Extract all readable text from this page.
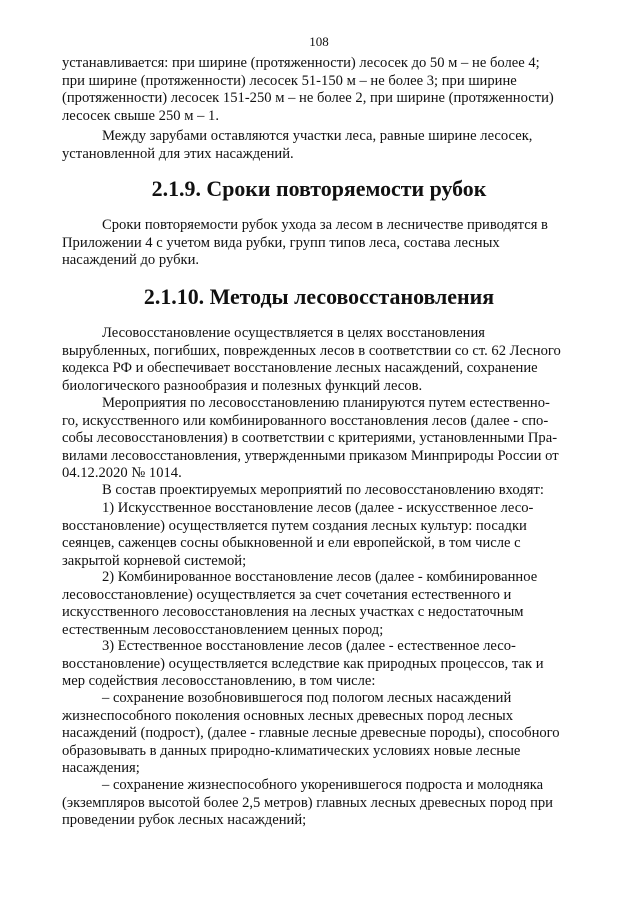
108

устанавливается: при ширине (протяженности) лесосек до 50 м – не более 4;
при ширине (протяженности) лесосек 51-150 м – не более 3; при ширине
(протяженности) лесосек 151-250 м – не более 2, при ширине (протяженности)
лесосек свыше 250 м – 1.

Между зарубами оставляются участки леса, равные ширине лесосек,
установленной для этих насаждений.

2.1.9. Сроки повторяемости рубок

Сроки повторяемости рубок ухода за лесом в лесничестве приводятся в
Приложении 4 с учетом вида рубки, групп типов леса, состава лесных
насаждений до рубки.

2.1.10. Методы лесовосстановления

Лесовосстановление осуществляется в целях восстановления
вырубленных, погибших, поврежденных лесов в соответствии со ст. 62 Лесного
кодекса РФ и обеспечивает восстановление лесных насаждений, сохранение
биологического разнообразия и полезных функций лесов.

Мероприятия по лесовосстановлению планируются путем естественно-
го, искусственного или комбинированного восстановления лесов (далее - спо-
собы лесовосстановления) в соответствии с критериями, установленными Пра-
вилами лесовосстановления, утвержденными приказом Минприроды России от
04.12.2020 № 1014.

В состав проектируемых мероприятий по лесовосстановлению входят:

1) Искусственное восстановление лесов (далее - искусственное лесо-
восстановление) осуществляется путем создания лесных культур: посадки
сеянцев, саженцев сосны обыкновенной и ели европейской, в том числе с
закрытой корневой системой;

2) Комбинированное восстановление лесов (далее - комбинированное
лесовосстановление) осуществляется за счет сочетания естественного и
искусственного лесовосстановления на лесных участках с недостаточным
естественным лесовосстановлением ценных пород;

3) Естественное восстановление лесов (далее - естественное лесо-
восстановление) осуществляется вследствие как природных процессов, так и
мер содействия лесовосстановлению, в том числе:

– сохранение возобновившегося под пологом лесных насаждений
жизнеспособного поколения основных лесных древесных пород лесных
насаждений (подрост), (далее - главные лесные древесные породы), способного
образовывать в данных природно-климатических условиях новые лесные
насаждения;

– сохранение жизнеспособного укоренившегося подроста и молодняка
(экземпляров высотой более 2,5 метров) главных лесных древесных пород при
проведении рубок лесных насаждений;
